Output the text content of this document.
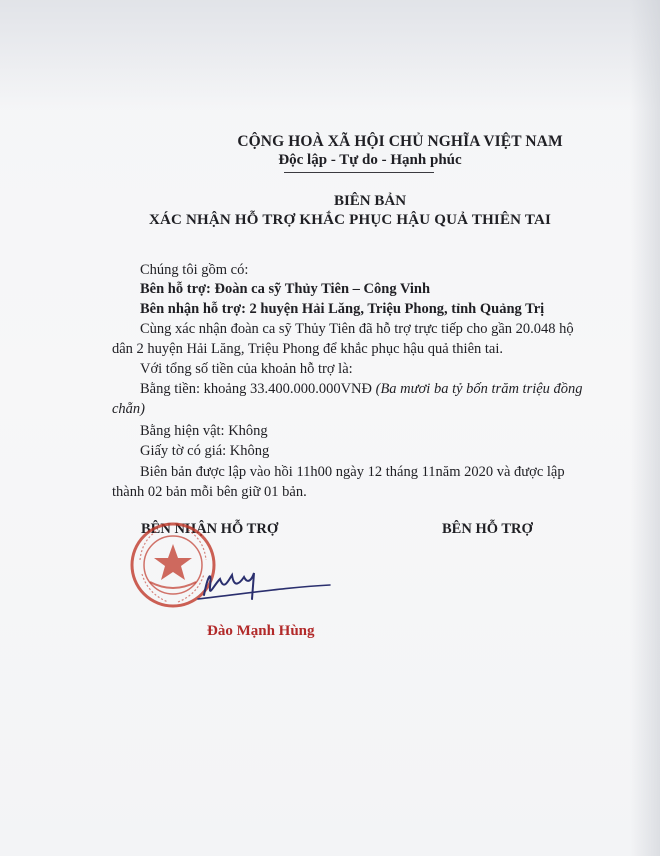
CỘNG HOÀ XÃ HỘI CHỦ NGHĨA VIỆT NAM
Độc lập - Tự do - Hạnh phúc
BIÊN BẢN
XÁC NHẬN HỖ TRỢ KHẮC PHỤC HẬU QUẢ THIÊN TAI
Chúng tôi gồm có:
Bên hỗ trợ: Đoàn ca sỹ Thủy Tiên – Công Vinh
Bên nhận hỗ trợ: 2 huyện Hải Lăng, Triệu Phong, tỉnh Quảng Trị
Cùng xác nhận đoàn ca sỹ Thủy Tiên đã hỗ trợ trực tiếp cho gần 20.048 hộ
dân 2 huyện Hải Lăng, Triệu Phong để khắc phục hậu quả thiên tai.
Với tổng số tiền của khoản hỗ trợ là:
Bằng tiền: khoảng 33.400.000.000VNĐ (Ba mươi ba tỷ bốn trăm triệu đồng
chẵn)
Bằng hiện vật: Không
Giấy tờ có giá: Không
Biên bản được lập vào hồi 11h00 ngày 12 tháng 11năm 2020 và được lập
thành 02 bản mỗi bên giữ 01 bản.
BÊN NHẬN HỖ TRỢ	BÊN HỖ TRỢ
Đào Mạnh Hùng
